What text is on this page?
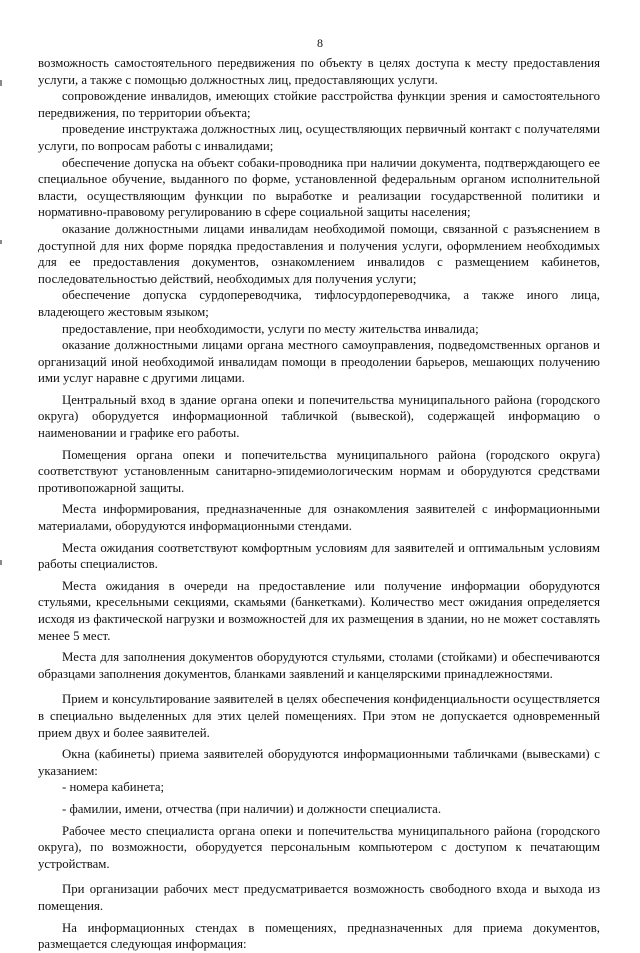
8

возможность самостоятельного передвижения по объекту в целях доступа к месту предоставления услуги, а также с помощью должностных лиц, предоставляющих услуги.

сопровождение инвалидов, имеющих стойкие расстройства функции зрения и самостоятельного передвижения, по территории объекта;

проведение инструктажа должностных лиц, осуществляющих первичный контакт с получателями услуги, по вопросам работы с инвалидами;

обеспечение допуска на объект собаки-проводника при наличии документа, подтверждающего ее специальное обучение, выданного по форме, установленной федеральным органом исполнительной власти, осуществляющим функции по выработке и реализации государственной политики и нормативно-правовому регулированию в сфере социальной защиты населения;

оказание должностными лицами инвалидам необходимой помощи, связанной с разъяснением в доступной для них форме порядка предоставления и получения услуги, оформлением необходимых для ее предоставления документов, ознакомлением инвалидов с размещением кабинетов, последовательностью действий, необходимых для получения услуги;

обеспечение допуска сурдопереводчика, тифлосурдопереводчика, а также иного лица, владеющего жестовым языком;

предоставление, при необходимости, услуги по месту жительства инвалида;

оказание должностными лицами органа местного самоуправления, подведомственных органов и организаций иной необходимой инвалидам помощи в преодолении барьеров, мешающих получению ими услуг наравне с другими лицами.

Центральный вход в здание органа опеки и попечительства муниципального района (городского округа) оборудуется информационной табличкой (вывеской), содержащей информацию о наименовании и графике его работы.

Помещения органа опеки и попечительства муниципального района (городского округа) соответствуют установленным санитарно-эпидемиологическим нормам и оборудуются средствами противопожарной защиты.

Места информирования, предназначенные для ознакомления заявителей с информационными материалами, оборудуются информационными стендами.

Места ожидания соответствуют комфортным условиям для заявителей и оптимальным условиям работы специалистов.

Места ожидания в очереди на предоставление или получение информации оборудуются стульями, кресельными секциями, скамьями (банкетками). Количество мест ожидания определяется исходя из фактической нагрузки и возможностей для их размещения в здании, но не может составлять менее 5 мест.

Места для заполнения документов оборудуются стульями, столами (стойками) и обеспечиваются образцами заполнения документов, бланками заявлений и канцелярскими принадлежностями.

Прием и консультирование заявителей в целях обеспечения конфиденциальности осуществляется в специально выделенных для этих целей помещениях. При этом не допускается одновременный прием двух и более заявителей.

Окна (кабинеты) приема заявителей оборудуются информационными табличками (вывесками) с указанием:

- номера кабинета;

- фамилии, имени, отчества (при наличии) и должности специалиста.

Рабочее место специалиста органа опеки и попечительства муниципального района (городского округа), по возможности, оборудуется персональным компьютером с доступом к печатающим устройствам.

При организации рабочих мест предусматривается возможность свободного входа и выхода из помещения.

На информационных стендах в помещениях, предназначенных для приема документов, размещается следующая информация:
